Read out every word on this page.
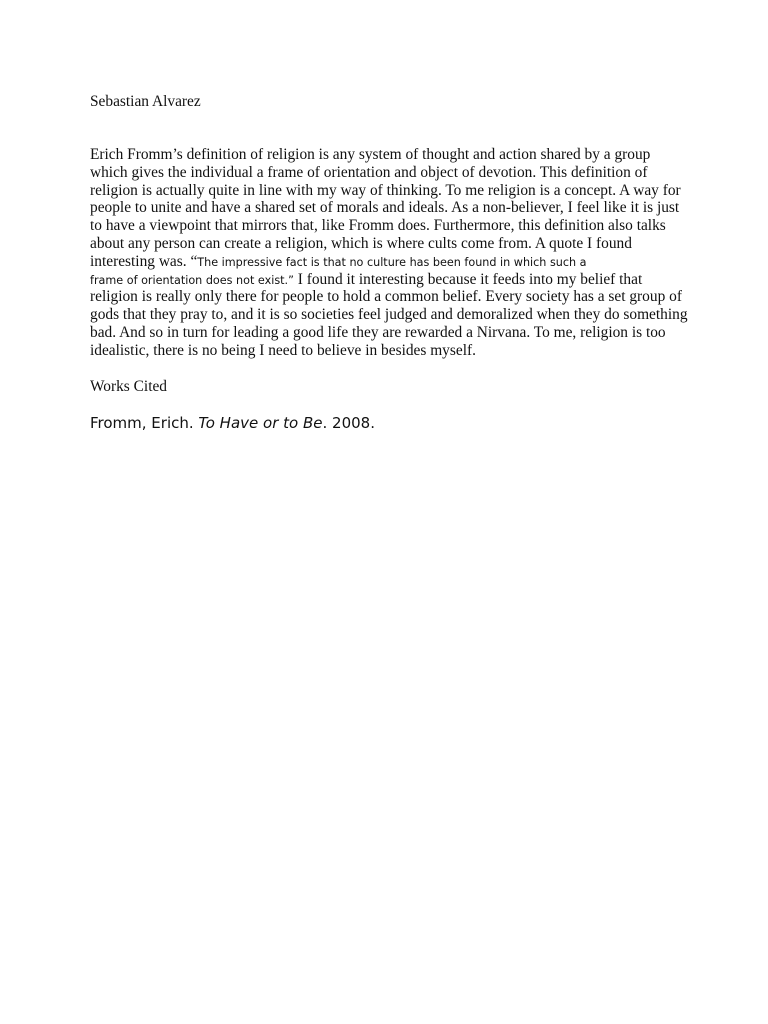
Sebastian Alvarez

Erich Fromm’s definition of religion is any system of thought and action shared by a group
which gives the individual a frame of orientation and object of devotion. This definition of
religion is actually quite in line with my way of thinking. To me religion is a concept. A way for
people to unite and have a shared set of morals and ideals. As a non-believer, I feel like it is just
to have a viewpoint that mirrors that, like Fromm does. Furthermore, this definition also talks
about any person can create a religion, which is where cults come from. A quote I found
interesting was. “The impressive fact is that no culture has been found in which such a
frame of orientation does not exist.” I found it interesting because it feeds into my belief that
religion is really only there for people to hold a common belief. Every society has a set group of
gods that they pray to, and it is so societies feel judged and demoralized when they do something
bad. And so in turn for leading a good life they are rewarded a Nirvana. To me, religion is too
idealistic, there is no being I need to believe in besides myself.

Works Cited
Fromm, Erich. To Have or to Be. 2008.
